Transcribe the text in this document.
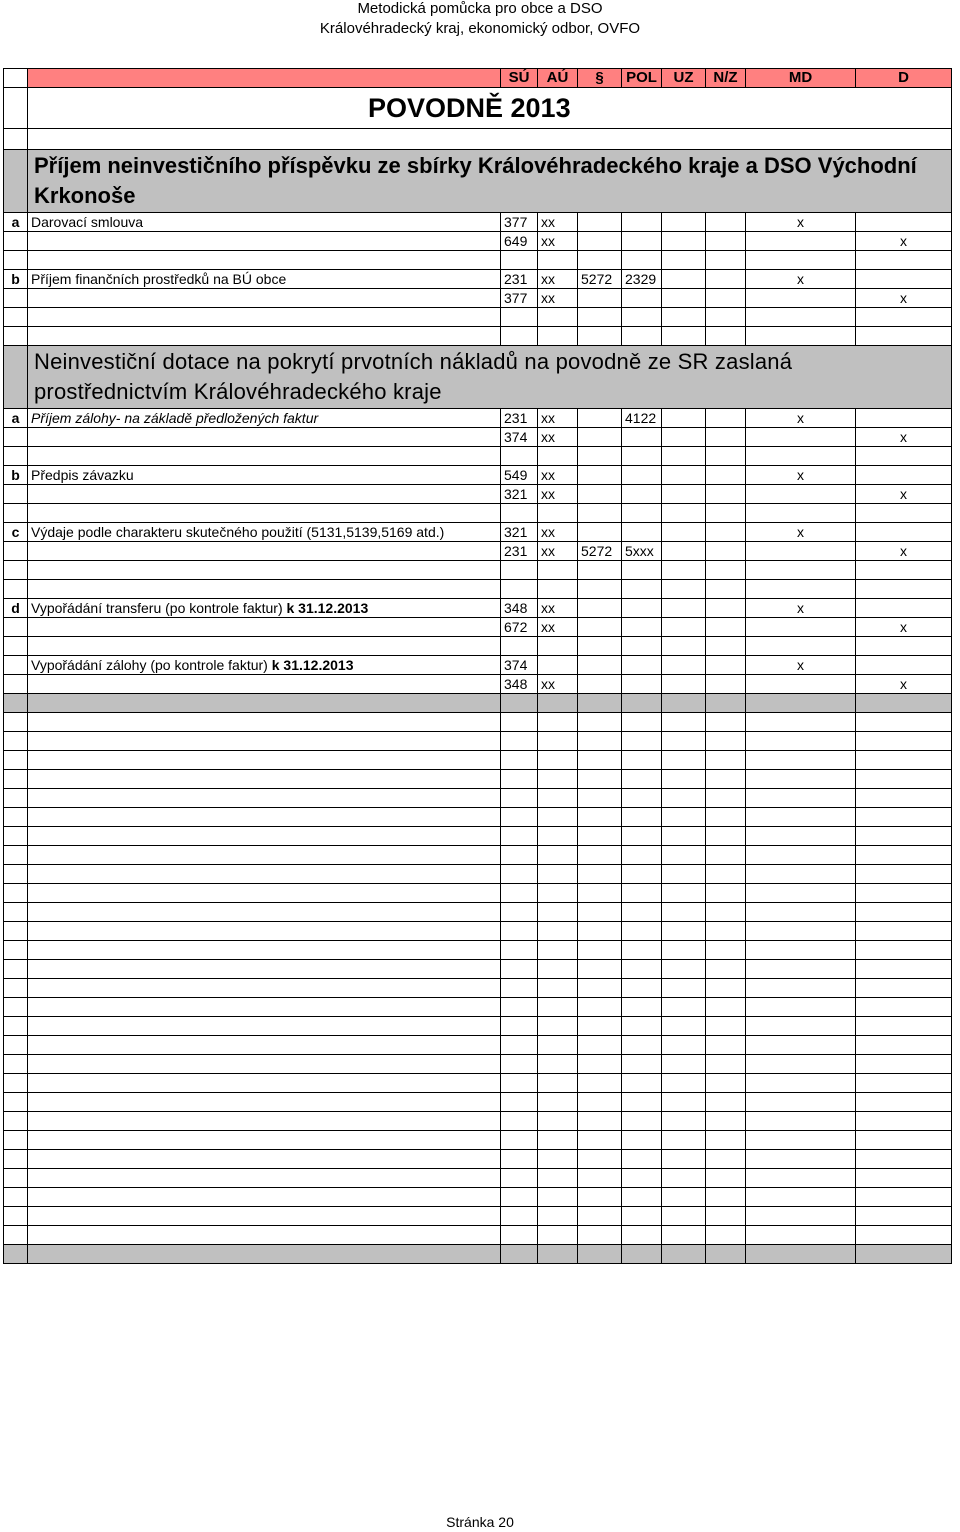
Metodická pomůcka pro obce a DSO
Královéhradecký kraj, ekonomický odbor, OVFO
		SÚ	AÚ	§	POL	UZ	N/Z	MD	D
	POVODNĚ 2013								

	Příjem neinvestičního příspěvku ze sbírky Královéhradeckého kraje a DSO Východní Krkonoše								
a	Darovací smlouva	377	xx					x	
		649	xx						x

b	Příjem finančních prostředků na BÚ obce	231	xx	5272	2329			x	
		377	xx						x

	Neinvestiční dotace na pokrytí prvotních nákladů na povodně ze SR zaslaná prostřednictvím Královéhradeckého kraje								
a	Příjem zálohy- na základě předložených faktur	231	xx		4122			x	
		374	xx						x

b	Předpis závazku	549	xx					x	
		321	xx						x

c	Výdaje podle charakteru skutečného použití (5131,5139,5169 atd.)	321	xx					x	
		231	xx	5272	5xxx				x

d	Vypořádání transferu (po kontrole faktur) k 31.12.2013	348	xx					x	
		672	xx						x

	Vypořádání zálohy (po kontrole faktur) k 31.12.2013	374						x	
		348	xx						x

Stránka 20
